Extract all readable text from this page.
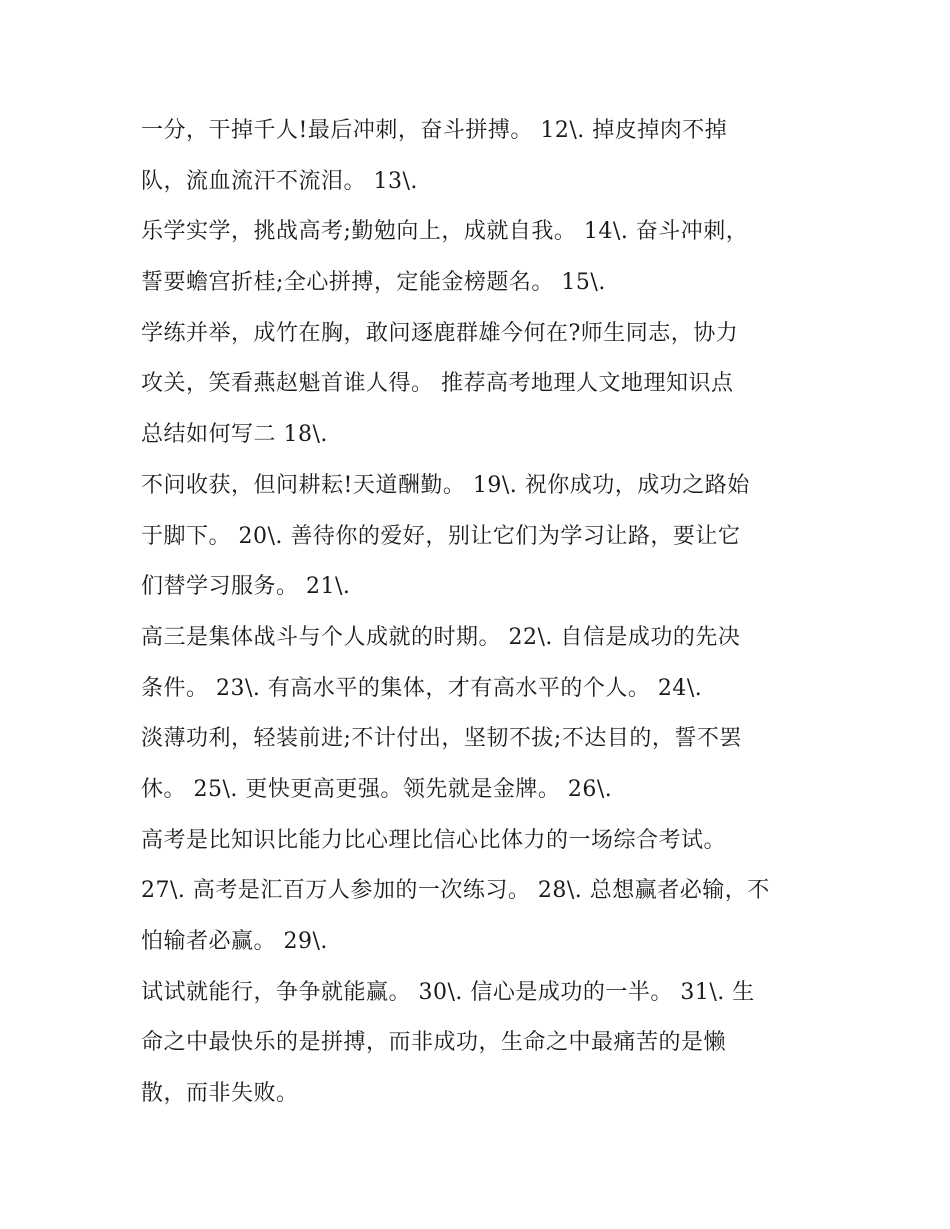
一分，干掉千人!最后冲刺，奋斗拼搏。 12\. 掉皮掉肉不掉
队，流血流汗不流泪。 13\.
乐学实学，挑战高考;勤勉向上，成就自我。 14\. 奋斗冲刺，
誓要蟾宫折桂;全心拼搏，定能金榜题名。 15\.
学练并举，成竹在胸，敢问逐鹿群雄今何在?师生同志，协力
攻关，笑看燕赵魁首谁人得。 推荐高考地理人文地理知识点
总结如何写二 18\.
不问收获，但问耕耘!天道酬勤。 19\. 祝你成功，成功之路始
于脚下。 20\. 善待你的爱好，别让它们为学习让路，要让它
们替学习服务。 21\.
高三是集体战斗与个人成就的时期。 22\. 自信是成功的先决
条件。 23\. 有高水平的集体，才有高水平的个人。 24\.
淡薄功利，轻装前进;不计付出，坚韧不拔;不达目的，誓不罢
休。 25\. 更快更高更强。领先就是金牌。 26\.
高考是比知识比能力比心理比信心比体力的一场综合考试。
27\. 高考是汇百万人参加的一次练习。 28\. 总想赢者必输，不
怕输者必赢。 29\.
试试就能行，争争就能赢。 30\. 信心是成功的一半。 31\. 生
命之中最快乐的是拼搏，而非成功，生命之中最痛苦的是懒
散，而非失败。
